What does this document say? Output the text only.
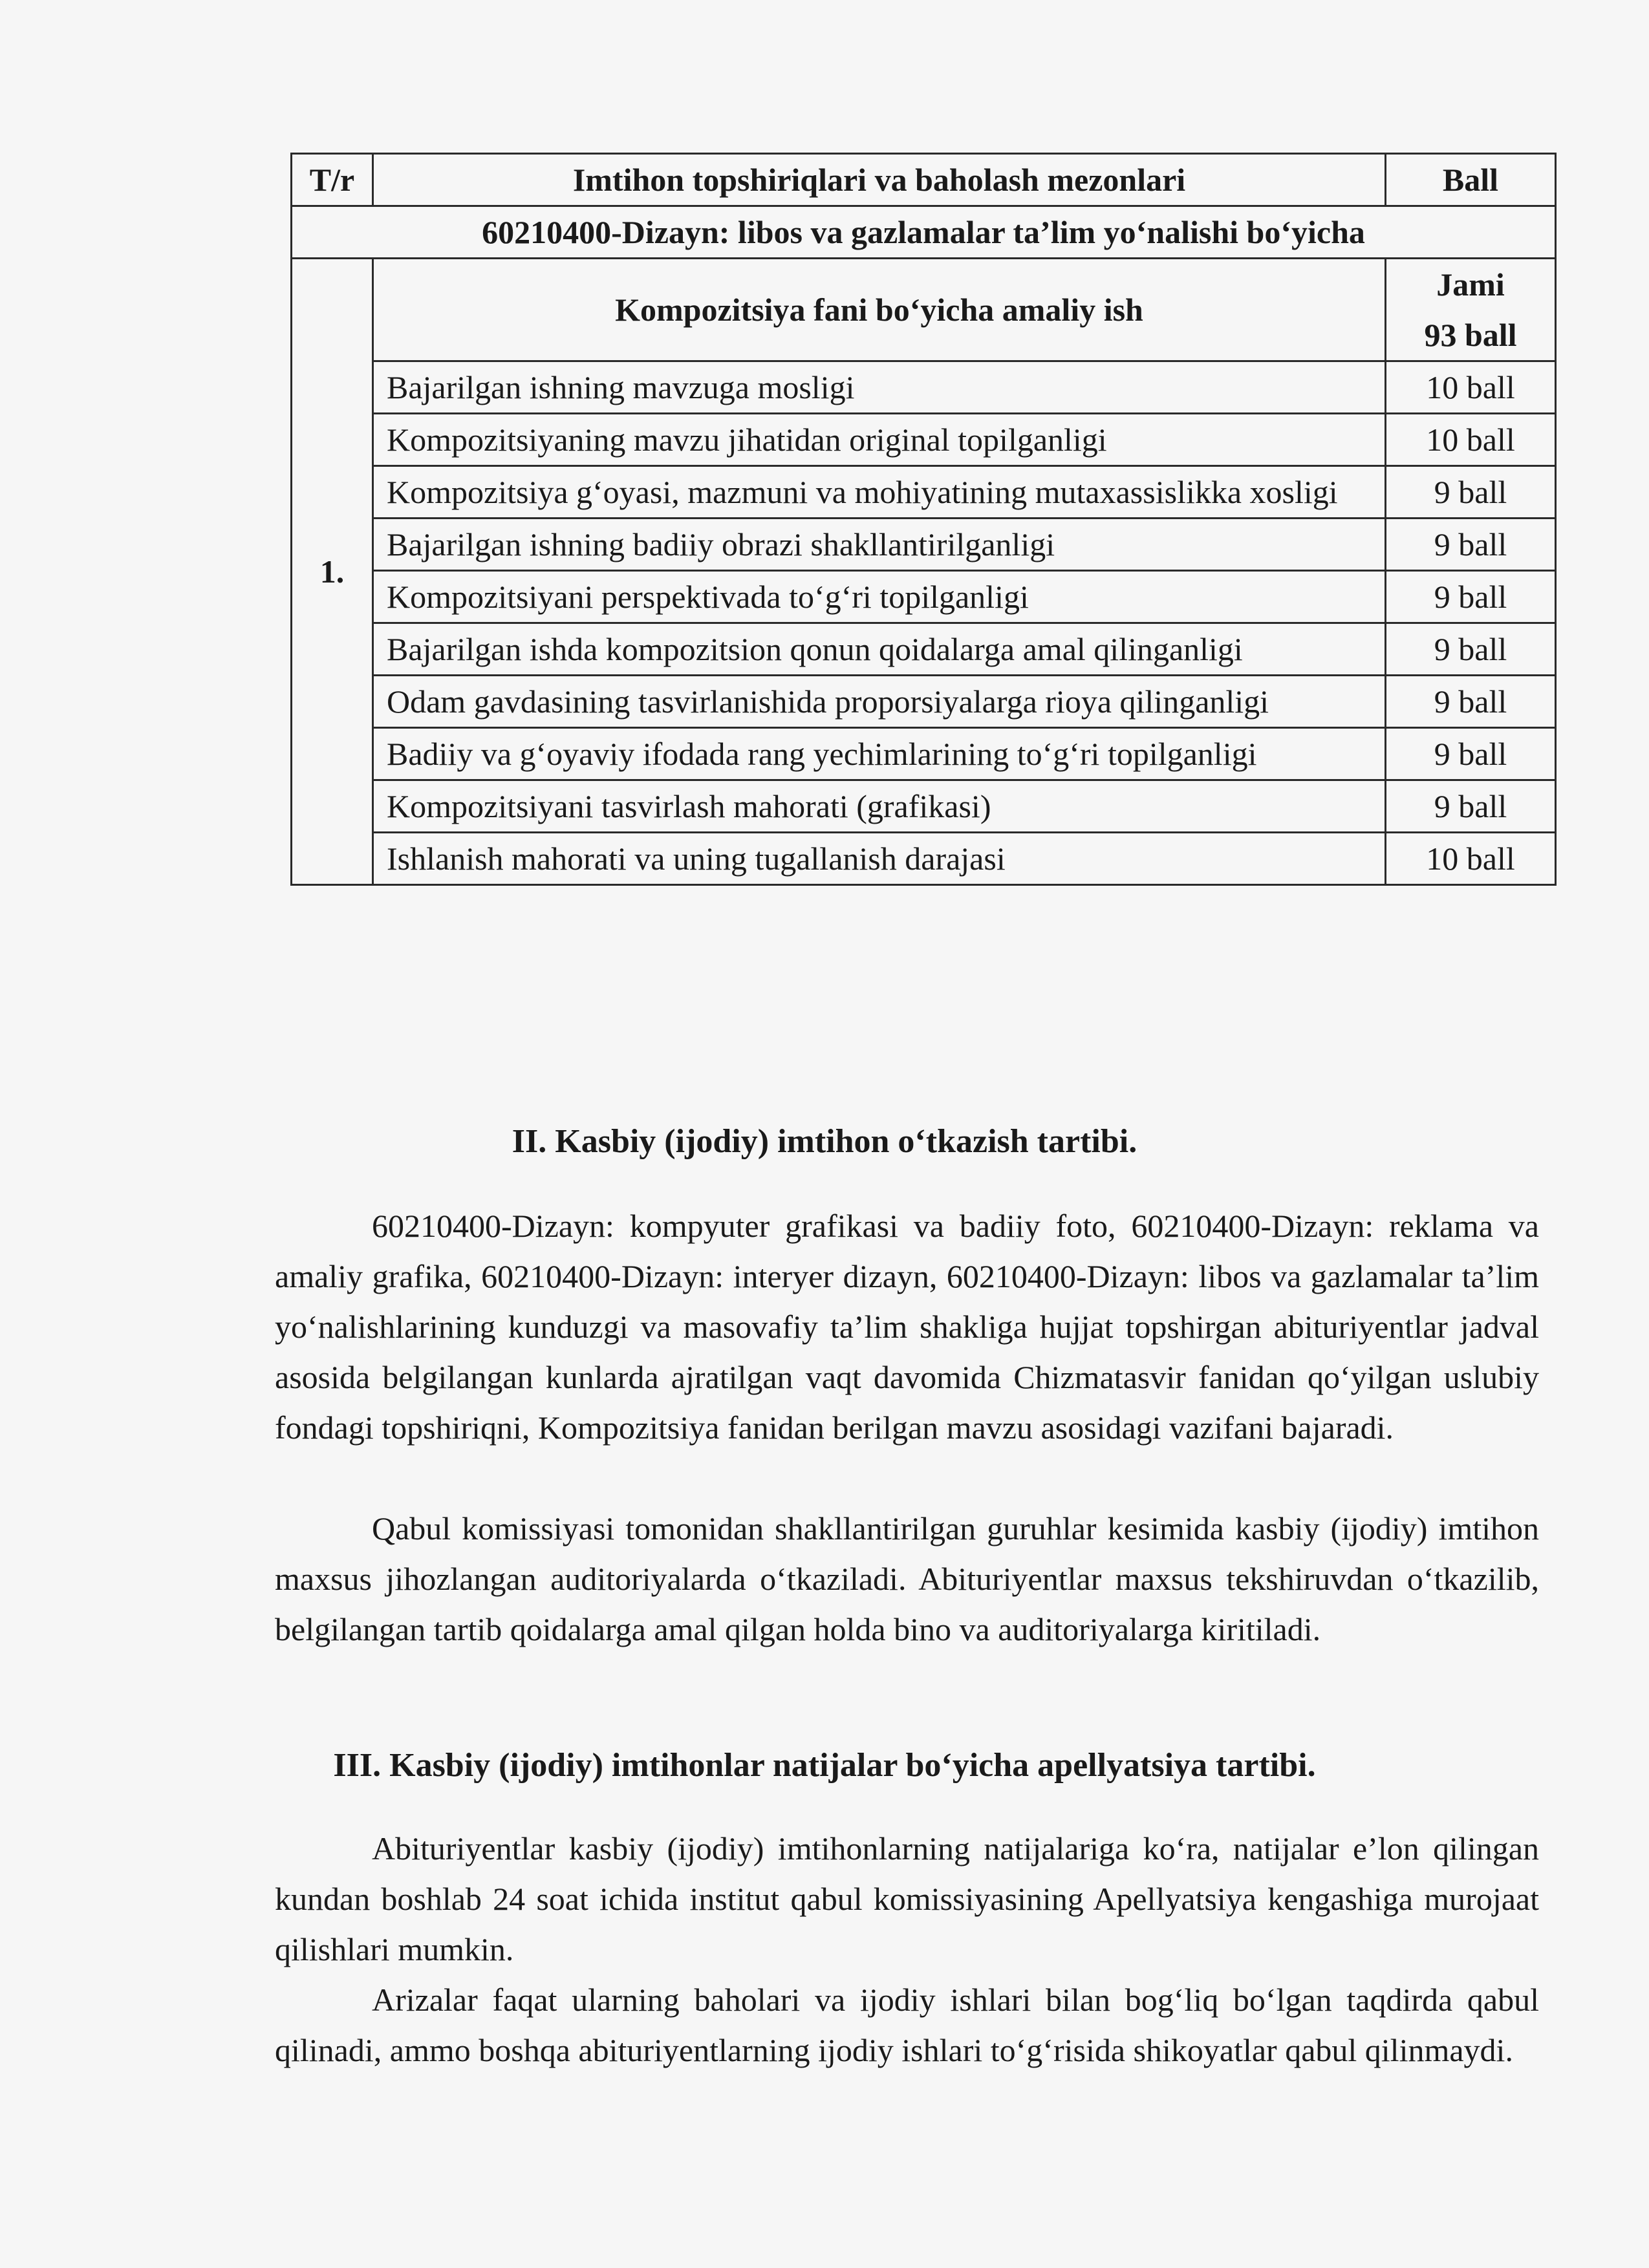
T/r	Imtihon topshiriqlari va baholash mezonlari	Ball
60210400-Dizayn: libos va gazlamalar ta’lim yo‘nalishi bo‘yicha		
1.	Kompozitsiya fani bo‘yicha amaliy ish	Jami
93 ball

	Bajarilgan ishning mavzuga mosligi	10 ball
	Kompozitsiyaning mavzu jihatidan original topilganligi	10 ball
	Kompozitsiya g‘oyasi, mazmuni va mohiyatining mutaxassislikka xosligi	9 ball
	Bajarilgan ishning badiiy obrazi shakllantirilganligi	9 ball
	Kompozitsiyani perspektivada to‘g‘ri topilganligi	9 ball
	Bajarilgan ishda kompozitsion qonun qoidalarga amal qilinganligi	9 ball
	Odam gavdasining tasvirlanishida proporsiyalarga rioya qilinganligi	9 ball
	Badiiy va g‘oyaviy ifodada rang yechimlarining to‘g‘ri topilganligi	9 ball
	Kompozitsiyani tasvirlash mahorati (grafikasi)	9 ball
	Ishlanish mahorati va uning tugallanish darajasi	10 ball
II. Kasbiy (ijodiy) imtihon o‘tkazish tartibi.

60210400-Dizayn: kompyuter grafikasi va badiiy foto, 60210400-Dizayn: reklama va amaliy grafika, 60210400-Dizayn: interyer dizayn, 60210400-Dizayn: libos va gazlamalar ta’lim yo‘nalishlarining kunduzgi va masovafiy ta’lim shakliga hujjat topshirgan abituriyentlar jadval asosida belgilangan kunlarda ajratilgan vaqt davomida Chizmatasvir fanidan qo‘yilgan uslubiy fondagi topshiriqni, Kompozitsiya fanidan berilgan mavzu asosidagi vazifani bajaradi.

Qabul komissiyasi tomonidan shakllantirilgan guruhlar kesimida kasbiy (ijodiy) imtihon maxsus jihozlangan auditoriyalarda o‘tkaziladi. Abituriyentlar maxsus tekshiruvdan o‘tkazilib, belgilangan tartib qoidalarga amal qilgan holda bino va auditoriyalarga kiritiladi.

III. Kasbiy (ijodiy) imtihonlar natijalar bo‘yicha apellyatsiya tartibi.

Abituriyentlar kasbiy (ijodiy) imtihonlarning natijalariga ko‘ra, natijalar e’lon qilingan kundan boshlab 24 soat ichida institut qabul komissiyasining Apellyatsiya kengashiga murojaat qilishlari mumkin.

Arizalar faqat ularning baholari va ijodiy ishlari bilan bog‘liq bo‘lgan taqdirda qabul qilinadi, ammo boshqa abituriyentlarning ijodiy ishlari to‘g‘risida shikoyatlar qabul qilinmaydi.
